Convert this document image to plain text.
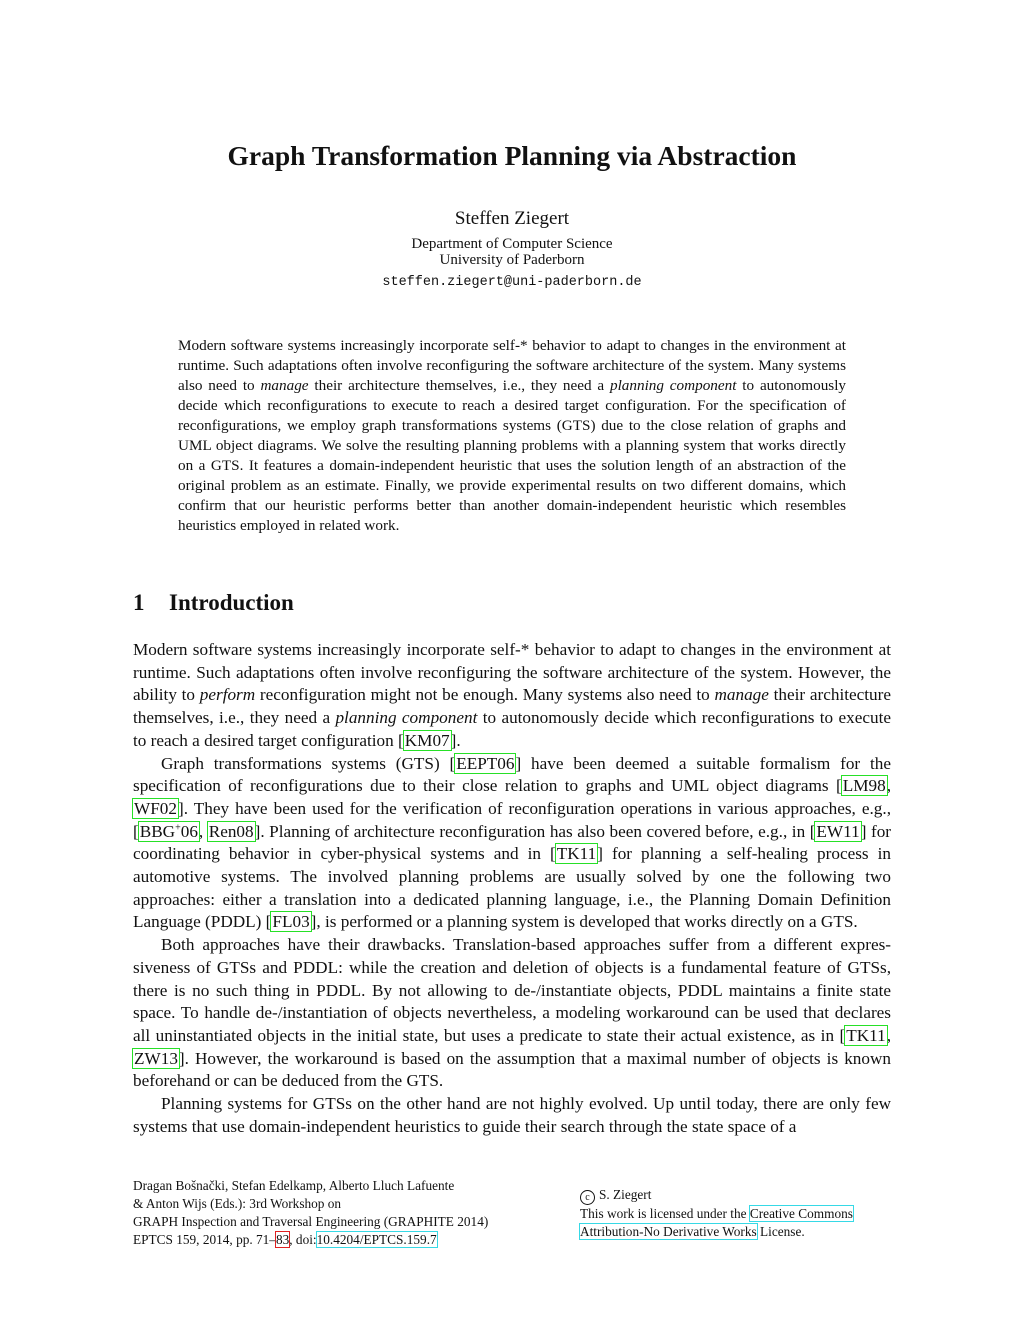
Graph Transformation Planning via Abstraction
Steffen Ziegert
Department of Computer Science
University of Paderborn
steffen.ziegert@uni-paderborn.de
Modern software systems increasingly incorporate self-* behavior to adapt to changes in the environment at runtime. Such adaptations often involve reconfiguring the software architecture of the system. Many systems also need to manage their architecture themselves, i.e., they need a planning component to autonomously decide which reconfigurations to execute to reach a desired target configuration. For the specification of reconfigurations, we employ graph transformations systems (GTS) due to the close relation of graphs and UML object diagrams. We solve the resulting planning problems with a planning system that works directly on a GTS. It features a domain-independent heuristic that uses the solution length of an abstraction of the original problem as an estimate. Finally, we provide experimental results on two different domains, which confirm that our heuristic performs better than another domain-independent heuristic which resembles heuristics employed in related work.
1 Introduction

Modern software systems increasingly incorporate self-* behavior to adapt to changes in the environment at runtime. Such adaptations often involve reconfiguring the software architecture of the system. However, the ability to perform reconfiguration might not be enough. Many systems also need to manage their architecture themselves, i.e., they need a planning component to autonomously decide which reconfigurations to execute to reach a desired target configuration [KM07].

Graph transformations systems (GTS) [EEPT06] have been deemed a suitable formalism for the specification of reconfigurations due to their close relation to graphs and UML object diagrams [LM98, WF02]. They have been used for the verification of reconfiguration operations in various approaches, e.g., [BBG+06, Ren08]. Planning of architecture reconfiguration has also been covered before, e.g., in [EW11] for coordinating behavior in cyber-physical systems and in [TK11] for planning a self-healing process in automotive systems. The involved planning problems are usually solved by one the following two approaches: either a translation into a dedicated planning language, i.e., the Planning Domain Definition Language (PDDL) [FL03], is performed or a planning system is developed that works directly on a GTS.

Both approaches have their drawbacks. Translation-based approaches suffer from a different expressiveness of GTSs and PDDL: while the creation and deletion of objects is a fundamental feature of GTSs, there is no such thing in PDDL. By not allowing to de-/instantiate objects, PDDL maintains a finite state space. To handle de-/instantiation of objects nevertheless, a modeling workaround can be used that declares all uninstantiated objects in the initial state, but uses a predicate to state their actual existence, as in [TK11, ZW13]. However, the workaround is based on the assumption that a maximal number of objects is known beforehand or can be deduced from the GTS.

Planning systems for GTSs on the other hand are not highly evolved. Up until today, there are only few systems that use domain-independent heuristics to guide their search through the state space of a

Dragan Bošnački, Stefan Edelkamp, Alberto Lluch Lafuente
& Anton Wijs (Eds.): 3rd Workshop on
GRAPH Inspection and Traversal Engineering (GRAPHITE 2014)
EPTCS 159, 2014, pp. 71–83, doi:10.4204/EPTCS.159.7
c S. Ziegert
This work is licensed under the Creative Commons
Attribution-No Derivative Works License.
